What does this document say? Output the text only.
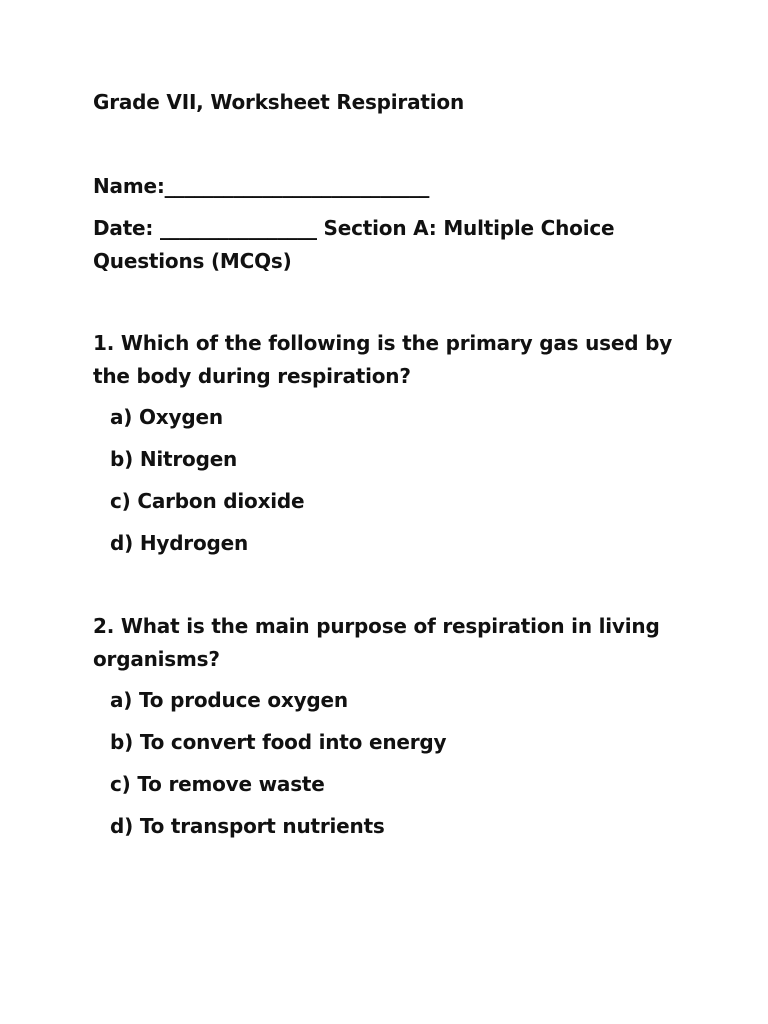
Grade VII, Worksheet Respiration
Name:___________________________
Date: ________________ Section A: Multiple Choice
Questions (MCQs)
1. Which of the following is the primary gas used by
the body during respiration?
a) Oxygen
b) Nitrogen
c) Carbon dioxide
d) Hydrogen
2. What is the main purpose of respiration in living
organisms?
a) To produce oxygen
b) To convert food into energy
c) To remove waste
d) To transport nutrients
